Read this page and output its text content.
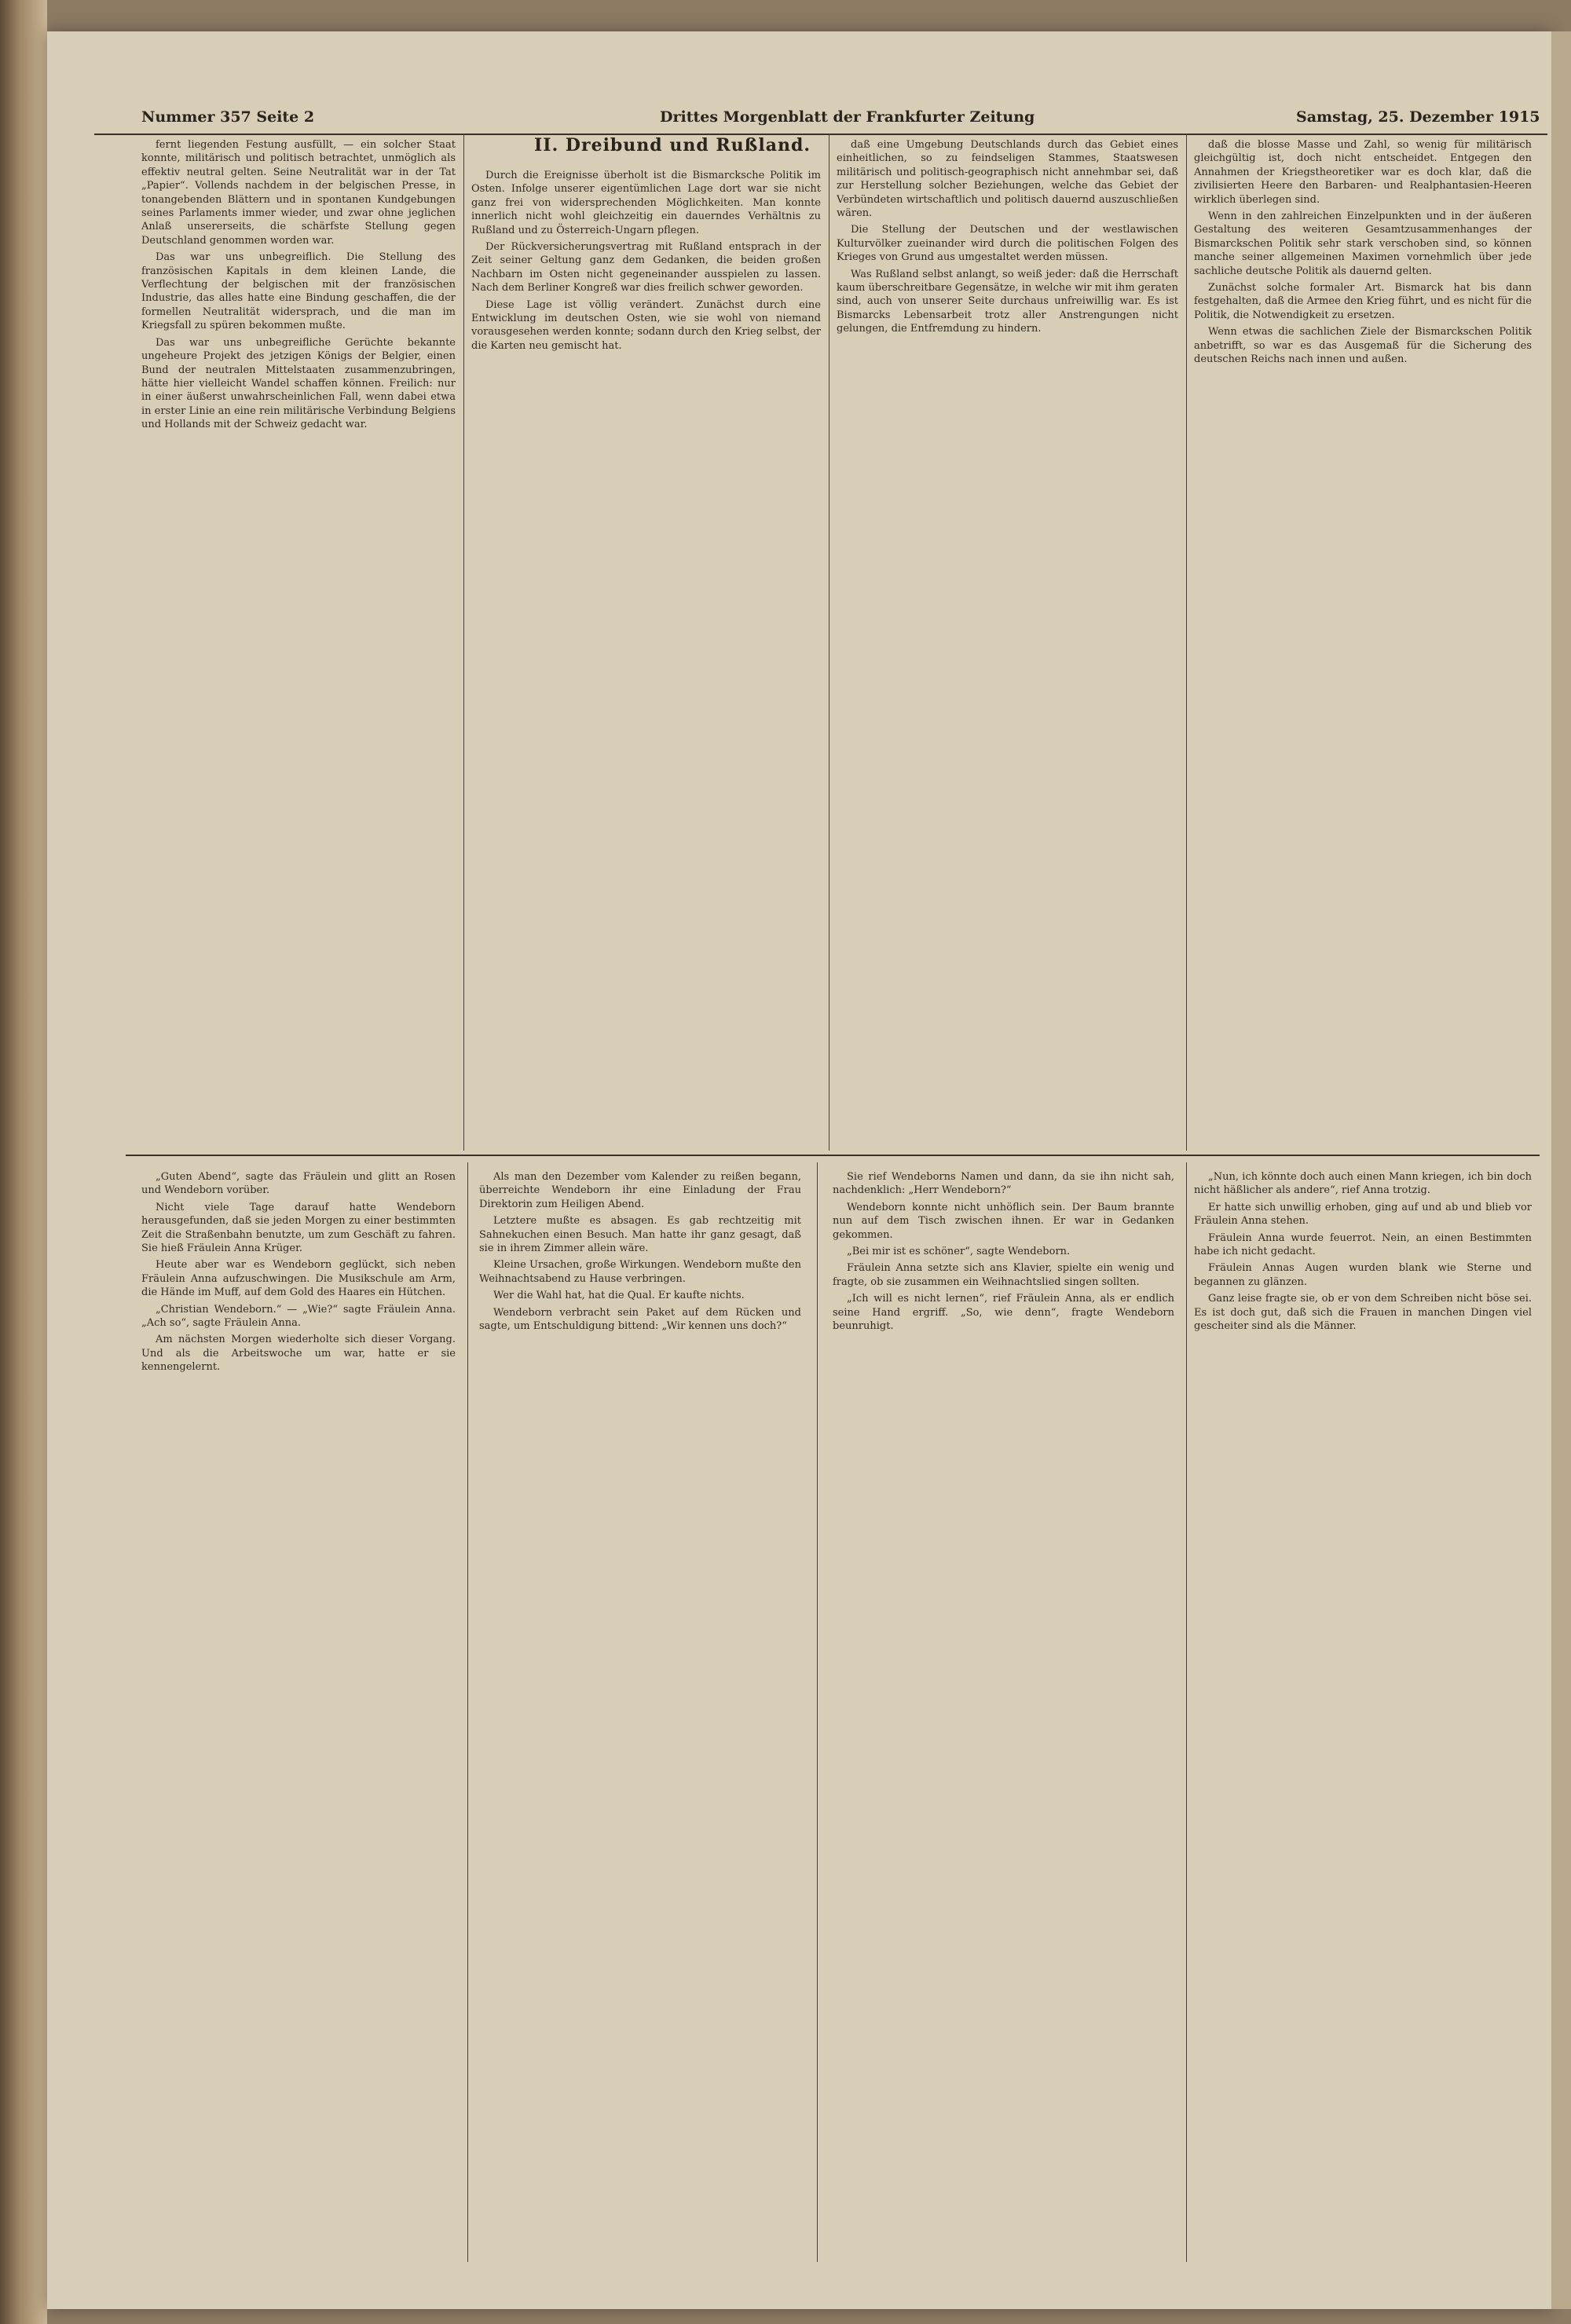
Nummer 357 Seite 2	Drittes Morgenblatt der Frankfurter Zeitung	Samstag, 25. Dezember 1915
II. Dreibund und Rußland.

fernt liegenden Festung ausfüllt, — ein solcher Staat konnte, militärisch und politisch betrachtet, unmöglich als effektiv neutral gelten. Seine Neutralität war in der Tat „Papier“. Vollends nachdem in der belgischen Presse, in tonangebenden Blättern und in spontanen Kundgebungen seines Parlaments immer wieder, und zwar ohne jeglichen Anlaß unsererseits, die schärfste Stellung gegen Deutschland genommen worden war.

Das war uns unbegreiflich. Die Stellung des französischen Kapitals in dem kleinen Lande, die Verflechtung der belgischen mit der französischen Industrie, das alles hatte eine Bindung geschaffen, die der formellen Neutralität widersprach, und die man im Kriegsfall zu spüren bekommen mußte.

Das war uns unbegreifliche Gerüchte bekannte ungeheure Projekt des jetzigen Königs der Belgier, einen Bund der neutralen Mittelstaaten zusammenzubringen, hätte hier vielleicht Wandel schaffen können. Freilich: nur in einer äußerst unwahrscheinlichen Fall, wenn dabei etwa in erster Linie an eine rein militärische Verbindung Belgiens und Hollands mit der Schweiz gedacht war.

Durch die Ereignisse überholt ist die Bismarcksche Politik im Osten. Infolge unserer eigentümlichen Lage dort war sie nicht ganz frei von widersprechenden Möglichkeiten. Man konnte innerlich nicht wohl gleichzeitig ein dauerndes Verhältnis zu Rußland und zu Österreich-Ungarn pflegen.

Der Rückversicherungsvertrag mit Rußland entsprach in der Zeit seiner Geltung ganz dem Gedanken, die beiden großen Nachbarn im Osten nicht gegeneinander ausspielen zu lassen. Nach dem Berliner Kongreß war dies freilich schwer geworden.

Diese Lage ist völlig verändert. Zunächst durch eine Entwicklung im deutschen Osten, wie sie wohl von niemand vorausgesehen werden konnte; sodann durch den Krieg selbst, der die Karten neu gemischt hat.

daß eine Umgebung Deutschlands durch das Gebiet eines einheitlichen, so zu feindseligen Stammes, Staatswesen militärisch und politisch-geographisch nicht annehmbar sei, daß zur Herstellung solcher Beziehungen, welche das Gebiet der Verbündeten wirtschaftlich und politisch dauernd auszuschließen wären.

Die Stellung der Deutschen und der westlawischen Kulturvölker zueinander wird durch die politischen Folgen des Krieges von Grund aus umgestaltet werden müssen.

Was Rußland selbst anlangt, so weiß jeder: daß die Herrschaft kaum überschreitbare Gegensätze, in welche wir mit ihm geraten sind, auch von unserer Seite durchaus unfreiwillig war. Es ist Bismarcks Lebensarbeit trotz aller Anstrengungen nicht gelungen, die Entfremdung zu hindern.

daß die blosse Masse und Zahl, so wenig für militärisch gleichgültig ist, doch nicht entscheidet. Entgegen den Annahmen der Kriegstheoretiker war es doch klar, daß die zivilisierten Heere den Barbaren- und Realphantasien-Heeren wirklich überlegen sind.

Wenn in den zahlreichen Einzelpunkten und in der äußeren Gestaltung des weiteren Gesamtzusammenhanges der Bismarckschen Politik sehr stark verschoben sind, so können manche seiner allgemeinen Maximen vornehmlich über jede sachliche deutsche Politik als dauernd gelten.

Zunächst solche formaler Art. Bismarck hat bis dann festgehalten, daß die Armee den Krieg führt, und es nicht für die Politik, die Notwendigkeit zu ersetzen.

Wenn etwas die sachlichen Ziele der Bismarckschen Politik anbetrifft, so war es das Ausgemaß für die Sicherung des deutschen Reichs nach innen und außen.

„Guten Abend“, sagte das Fräulein und glitt an Rosen und Wendeborn vorüber.

Nicht viele Tage darauf hatte Wendeborn herausgefunden, daß sie jeden Morgen zu einer bestimmten Zeit die Straßenbahn benutzte, um zum Geschäft zu fahren. Sie hieß Fräulein Anna Krüger.

Heute aber war es Wendeborn geglückt, sich neben Fräulein Anna aufzuschwingen. Die Musikschule am Arm, die Hände im Muff, auf dem Gold des Haares ein Hütchen.

„Christian Wendeborn.“ — „Wie?“ sagte Fräulein Anna. „Ach so“, sagte Fräulein Anna.

Am nächsten Morgen wiederholte sich dieser Vorgang. Und als die Arbeitswoche um war, hatte er sie kennengelernt.

Als man den Dezember vom Kalender zu reißen begann, überreichte Wendeborn ihr eine Einladung der Frau Direktorin zum Heiligen Abend.

Letztere mußte es absagen. Es gab rechtzeitig mit Sahnekuchen einen Besuch. Man hatte ihr ganz gesagt, daß sie in ihrem Zimmer allein wäre.

Kleine Ursachen, große Wirkungen. Wendeborn mußte den Weihnachtsabend zu Hause verbringen.

Wer die Wahl hat, hat die Qual. Er kaufte nichts.

Wendeborn verbracht sein Paket auf dem Rücken und sagte, um Entschuldigung bittend: „Wir kennen uns doch?“

Sie rief Wendeborns Namen und dann, da sie ihn nicht sah, nachdenklich: „Herr Wendeborn?“

Wendeborn konnte nicht unhöflich sein. Der Baum brannte nun auf dem Tisch zwischen ihnen. Er war in Gedanken gekommen.

„Bei mir ist es schöner“, sagte Wendeborn.

Fräulein Anna setzte sich ans Klavier, spielte ein wenig und fragte, ob sie zusammen ein Weihnachtslied singen sollten.

„Ich will es nicht lernen“, rief Fräulein Anna, als er endlich seine Hand ergriff. „So, wie denn“, fragte Wendeborn beunruhigt.

„Nun, ich könnte doch auch einen Mann kriegen, ich bin doch nicht häßlicher als andere“, rief Anna trotzig.

Er hatte sich unwillig erhoben, ging auf und ab und blieb vor Fräulein Anna stehen.

Fräulein Anna wurde feuerrot. Nein, an einen Bestimmten habe ich nicht gedacht.

Fräulein Annas Augen wurden blank wie Sterne und begannen zu glänzen.

Ganz leise fragte sie, ob er von dem Schreiben nicht böse sei. Es ist doch gut, daß sich die Frauen in manchen Dingen viel gescheiter sind als die Männer.
